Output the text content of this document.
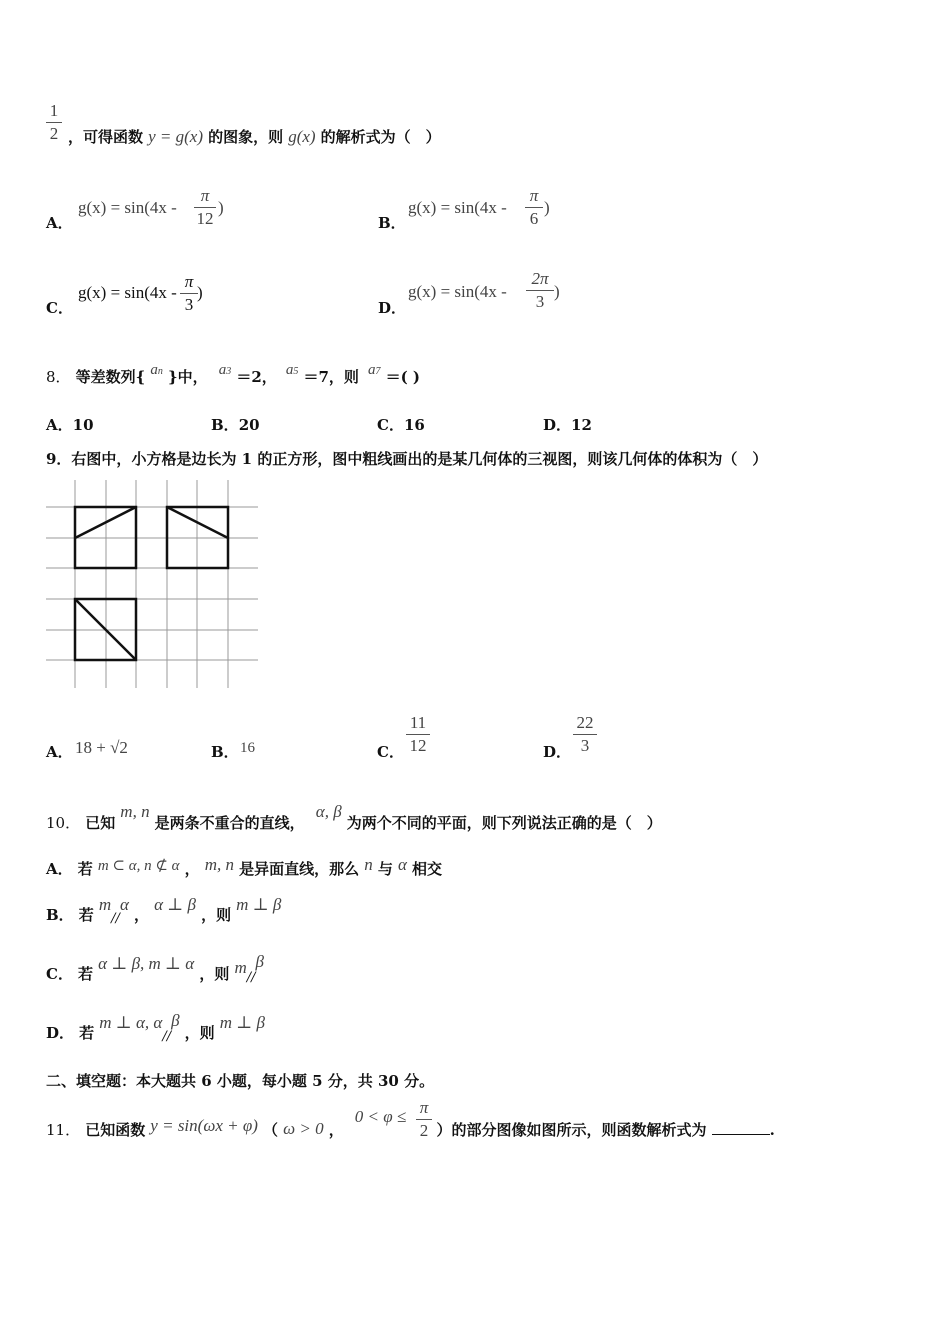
1
2 ，可得函数 y = g(x) 的图象，则 g(x) 的解析式为（　）
A．
g(x) = sin(4x -
π
12
)
B．
g(x) = sin(4x -
π
6
)
C．
g(x) = sin(4x -
π
3
)
D．
g(x) = sin(4x -
2π
3
)
8． 等差数列{ an }中， a3 ＝2， a5 ＝7，则 a7 ＝( )
A．10	B．20	C．16	D．12
9．右图中，小方格是边长为 1 的正方形，图中粗线画出的是某几何体的三视图，则该几何体的体积为（　）
A． 18 + √2	B． 16	C．
11
12	D．
22
3
10． 已知 m, n 是两条不重合的直线， α, β 为两个不同的平面，则下列说法正确的是（　）
A． 若 m ⊂ α, n ⊄ α ， m, n 是异面直线，那么 n 与 α 相交
B． 若 m//α ， α ⊥ β ，则 m ⊥ β
C． 若 α ⊥ β, m ⊥ α ，则 m//β
D． 若 m ⊥ α, α//β ，则 m ⊥ β
二、填空题：本大题共 6 小题，每小题 5 分，共 30 分。
11． 已知函数 y = sin(ωx + φ) （ ω > 0 ， 0 < φ ≤  ）的部分图像如图所示，则函数解析式为	.
π
2
